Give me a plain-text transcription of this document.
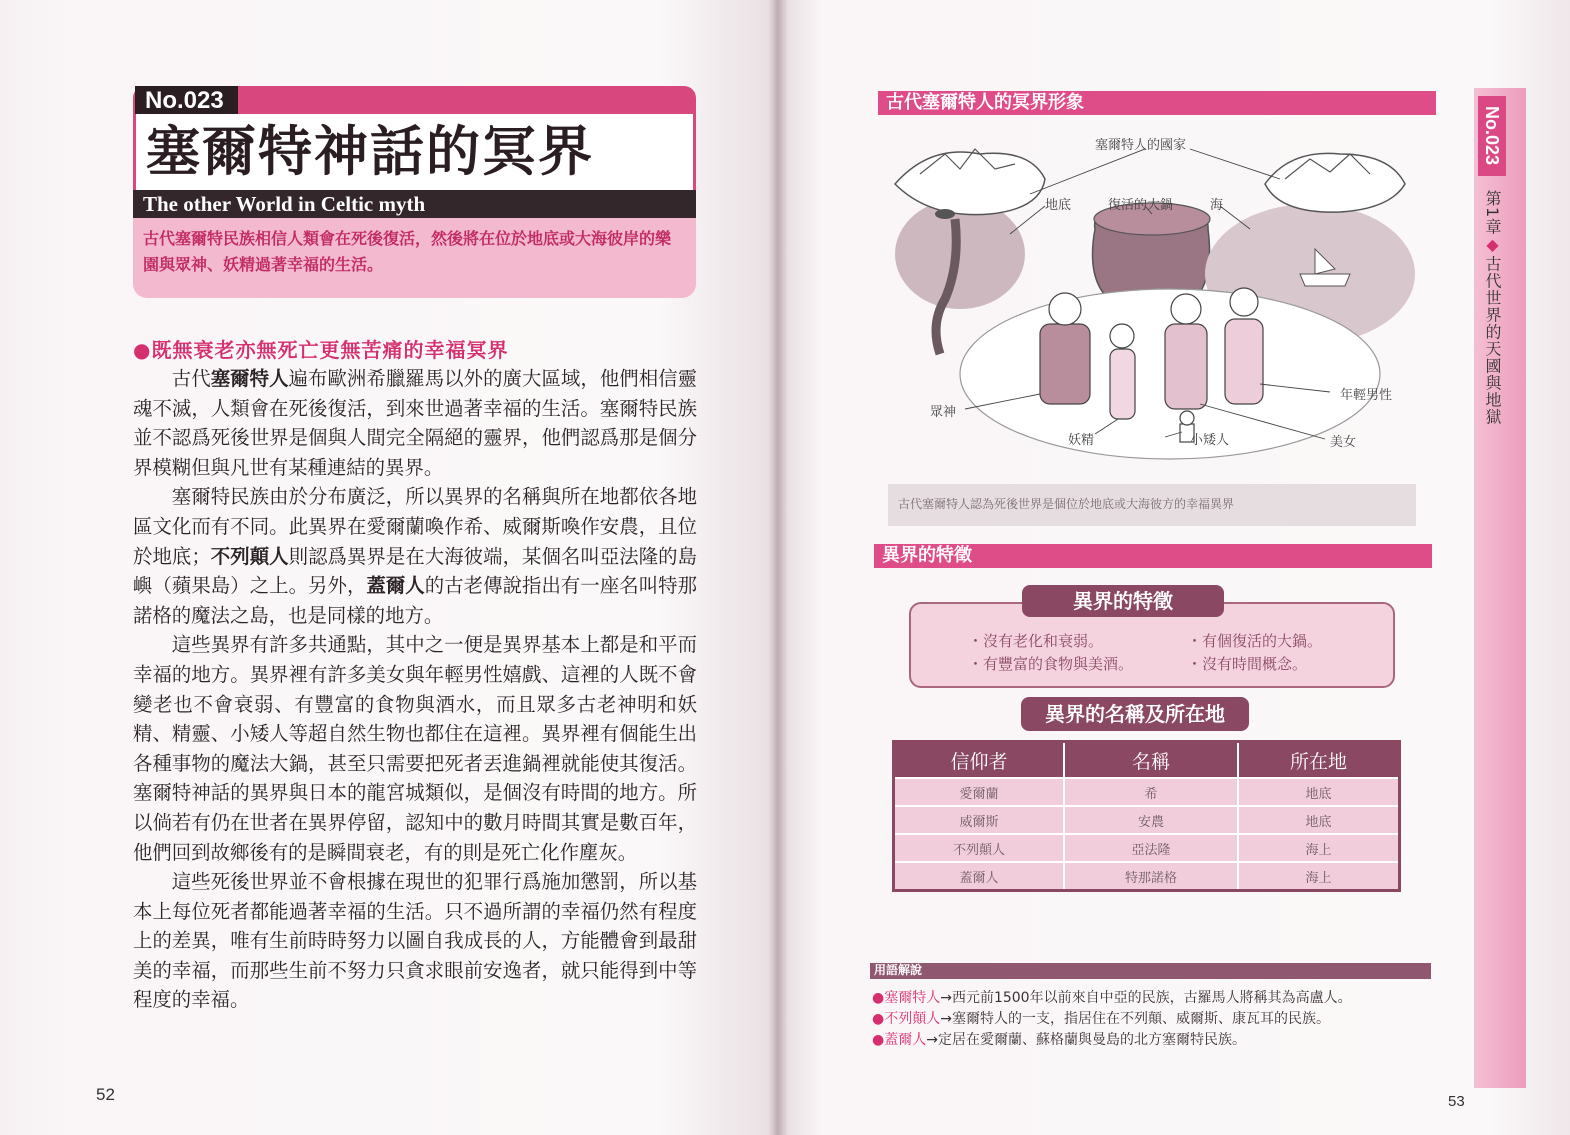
No.023
塞爾特神話的冥界
The other World in Celtic myth
古代塞爾特民族相信人類會在死後復活，然後將在位於地底或大海彼岸的樂園與眾神、妖精過著幸福的生活。
●既無衰老亦無死亡更無苦痛的幸福冥界

古代塞爾特人遍布歐洲希臘羅馬以外的廣大區域，他們相信靈魂不滅，人類會在死後復活，到來世過著幸福的生活。塞爾特民族並不認爲死後世界是個與人間完全隔絕的靈界，他們認爲那是個分界模糊但與凡世有某種連結的異界。

塞爾特民族由於分布廣泛，所以異界的名稱與所在地都依各地區文化而有不同。此異界在愛爾蘭喚作希、威爾斯喚作安農，且位於地底；不列顛人則認爲異界是在大海彼端，某個名叫亞法隆的島嶼（蘋果島）之上。另外，蓋爾人的古老傳說指出有一座名叫特那諾格的魔法之島，也是同樣的地方。

這些異界有許多共通點，其中之一便是異界基本上都是和平而幸福的地方。異界裡有許多美女與年輕男性嬉戲、這裡的人既不會變老也不會衰弱、有豐富的食物與酒水，而且眾多古老神明和妖精、精靈、小矮人等超自然生物也都住在這裡。異界裡有個能生出各種事物的魔法大鍋，甚至只需要把死者丟進鍋裡就能使其復活。塞爾特神話的異界與日本的龍宮城類似，是個沒有時間的地方。所以倘若有仍在世者在異界停留，認知中的數月時間其實是數百年，他們回到故鄉後有的是瞬間衰老，有的則是死亡化作塵灰。

這些死後世界並不會根據在現世的犯罪行爲施加懲罰，所以基本上每位死者都能過著幸福的生活。只不過所謂的幸福仍然有程度上的差異，唯有生前時時努力以圖自我成長的人，方能體會到最甜美的幸福，而那些生前不努力只貪求眼前安逸者，就只能得到中等程度的幸福。

52
古代塞爾特人的冥界形象
塞爾特人的國家
地底	復活的大鍋	海
眾神
妖精	小矮人
年輕男性
美女
古代塞爾特人認為死後世界是個位於地底或大海彼方的幸福異界
異界的特徵
異界的特徵
・沒有老化和衰弱。
・有豐富的食物與美酒。
・有個復活的大鍋。
・沒有時間概念。
異界的名稱及所在地
信仰者	名稱	所在地
愛爾蘭	希	地底
威爾斯	安農	地底
不列顛人	亞法隆	海上
蓋爾人	特那諾格	海上
用語解說
●塞爾特人→西元前1500年以前來自中亞的民族，古羅馬人將稱其為高盧人。
●不列顛人→塞爾特人的一支，指居住在不列顛、威爾斯、康瓦耳的民族。
●蓋爾人→定居在愛爾蘭、蘇格蘭與曼島的北方塞爾特民族。
No.023
第1章◆古代世界的天國與地獄
53
